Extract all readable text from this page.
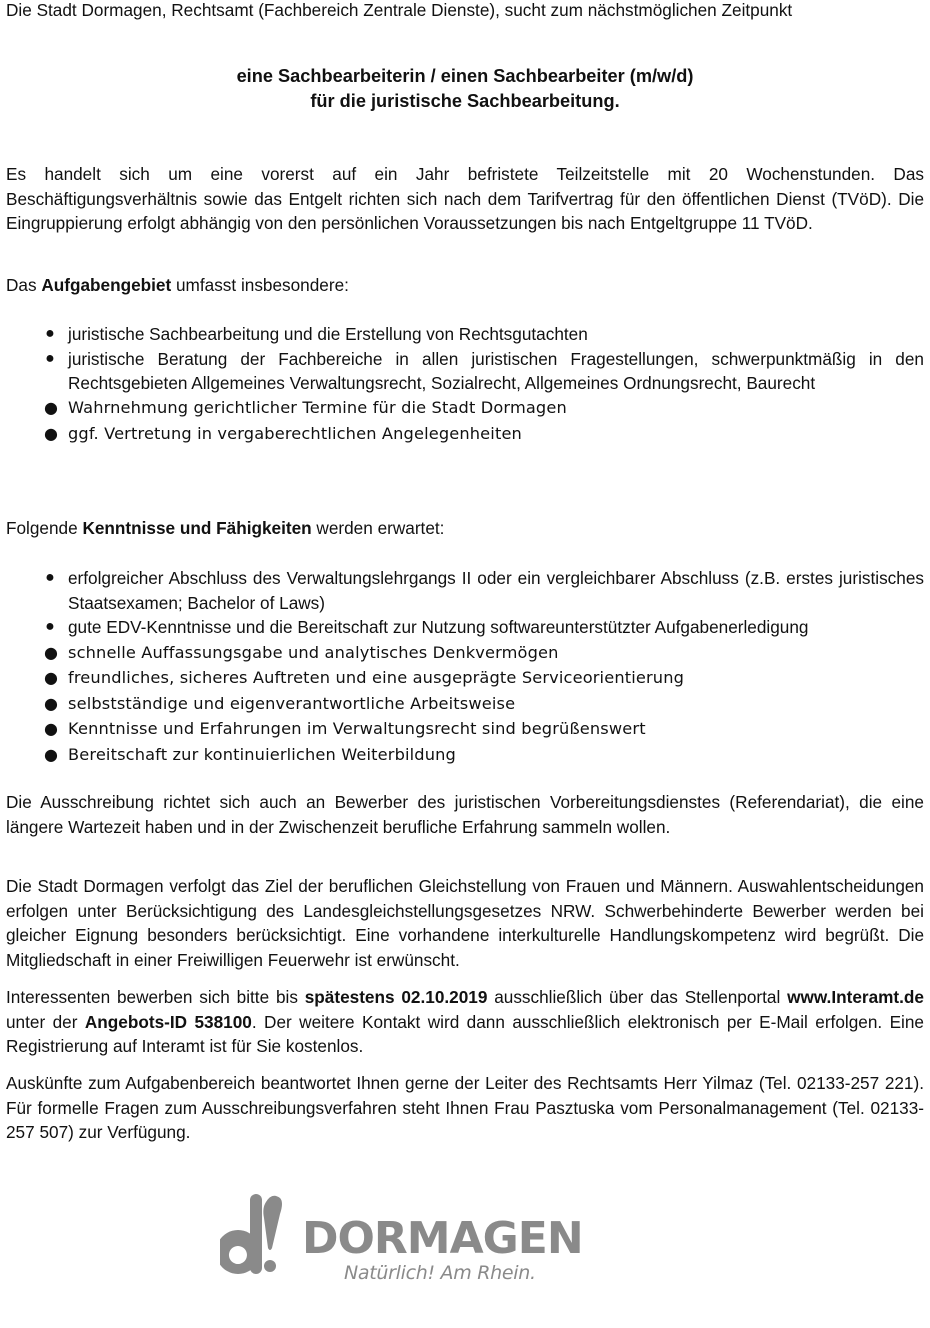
Die Stadt Dormagen, Rechtsamt (Fachbereich Zentrale Dienste), sucht zum nächstmöglichen Zeitpunkt

eine Sachbearbeiterin / einen Sachbearbeiter (m/w/d)
für die juristische Sachbearbeitung.

Es handelt sich um eine vorerst auf ein Jahr befristete Teilzeitstelle mit 20 Wochenstunden. Das Beschäftigungsverhältnis sowie das Entgelt richten sich nach dem Tarifvertrag für den öffentlichen Dienst (TVöD). Die Eingruppierung erfolgt abhängig von den persönlichen Voraussetzungen bis nach Entgeltgruppe 11 TVöD.

Das Aufgabengebiet umfasst insbesondere:

● juristische Sachbearbeitung und die Erstellung von Rechtsgutachten
● juristische Beratung der Fachbereiche in allen juristischen Fragestellungen, schwerpunktmäßig in den Rechtsgebieten Allgemeines Verwaltungsrecht, Sozialrecht, Allgemeines Ordnungsrecht, Baurecht
● Wahrnehmung gerichtlicher Termine für die Stadt Dormagen
● ggf. Vertretung in vergaberechtlichen Angelegenheiten

Folgende Kenntnisse und Fähigkeiten werden erwartet:

● erfolgreicher Abschluss des Verwaltungslehrgangs II oder ein vergleichbarer Abschluss (z.B. erstes juristisches Staatsexamen; Bachelor of Laws)
● gute EDV-Kenntnisse und die Bereitschaft zur Nutzung softwareunterstützter Aufgabenerledigung
● schnelle Auffassungsgabe und analytisches Denkvermögen
● freundliches, sicheres Auftreten und eine ausgeprägte Serviceorientierung
● selbstständige und eigenverantwortliche Arbeitsweise
● Kenntnisse und Erfahrungen im Verwaltungsrecht sind begrüßenswert
● Bereitschaft zur kontinuierlichen Weiterbildung

Die Ausschreibung richtet sich auch an Bewerber des juristischen Vorbereitungsdienstes (Referendariat), die eine längere Wartezeit haben und in der Zwischenzeit berufliche Erfahrung sammeln wollen.

Die Stadt Dormagen verfolgt das Ziel der beruflichen Gleichstellung von Frauen und Männern. Auswahlentscheidungen erfolgen unter Berücksichtigung des Landesgleichstellungsgesetzes NRW. Schwerbehinderte Bewerber werden bei gleicher Eignung besonders berücksichtigt. Eine vorhandene interkulturelle Handlungskompetenz wird begrüßt. Die Mitgliedschaft in einer Freiwilligen Feuerwehr ist erwünscht.

Interessenten bewerben sich bitte bis spätestens 02.10.2019 ausschließlich über das Stellenportal www.Interamt.de unter der Angebots-ID 538100. Der weitere Kontakt wird dann ausschließlich elektronisch per E-Mail erfolgen. Eine Registrierung auf Interamt ist für Sie kostenlos.

Auskünfte zum Aufgabenbereich beantwortet Ihnen gerne der Leiter des Rechtsamts Herr Yilmaz (Tel. 02133-257 221). Für formelle Fragen zum Ausschreibungsverfahren steht Ihnen Frau Pasztuska vom Personalmanagement (Tel. 02133-257 507) zur Verfügung.

DORMAGEN
Natürlich! Am Rhein.
